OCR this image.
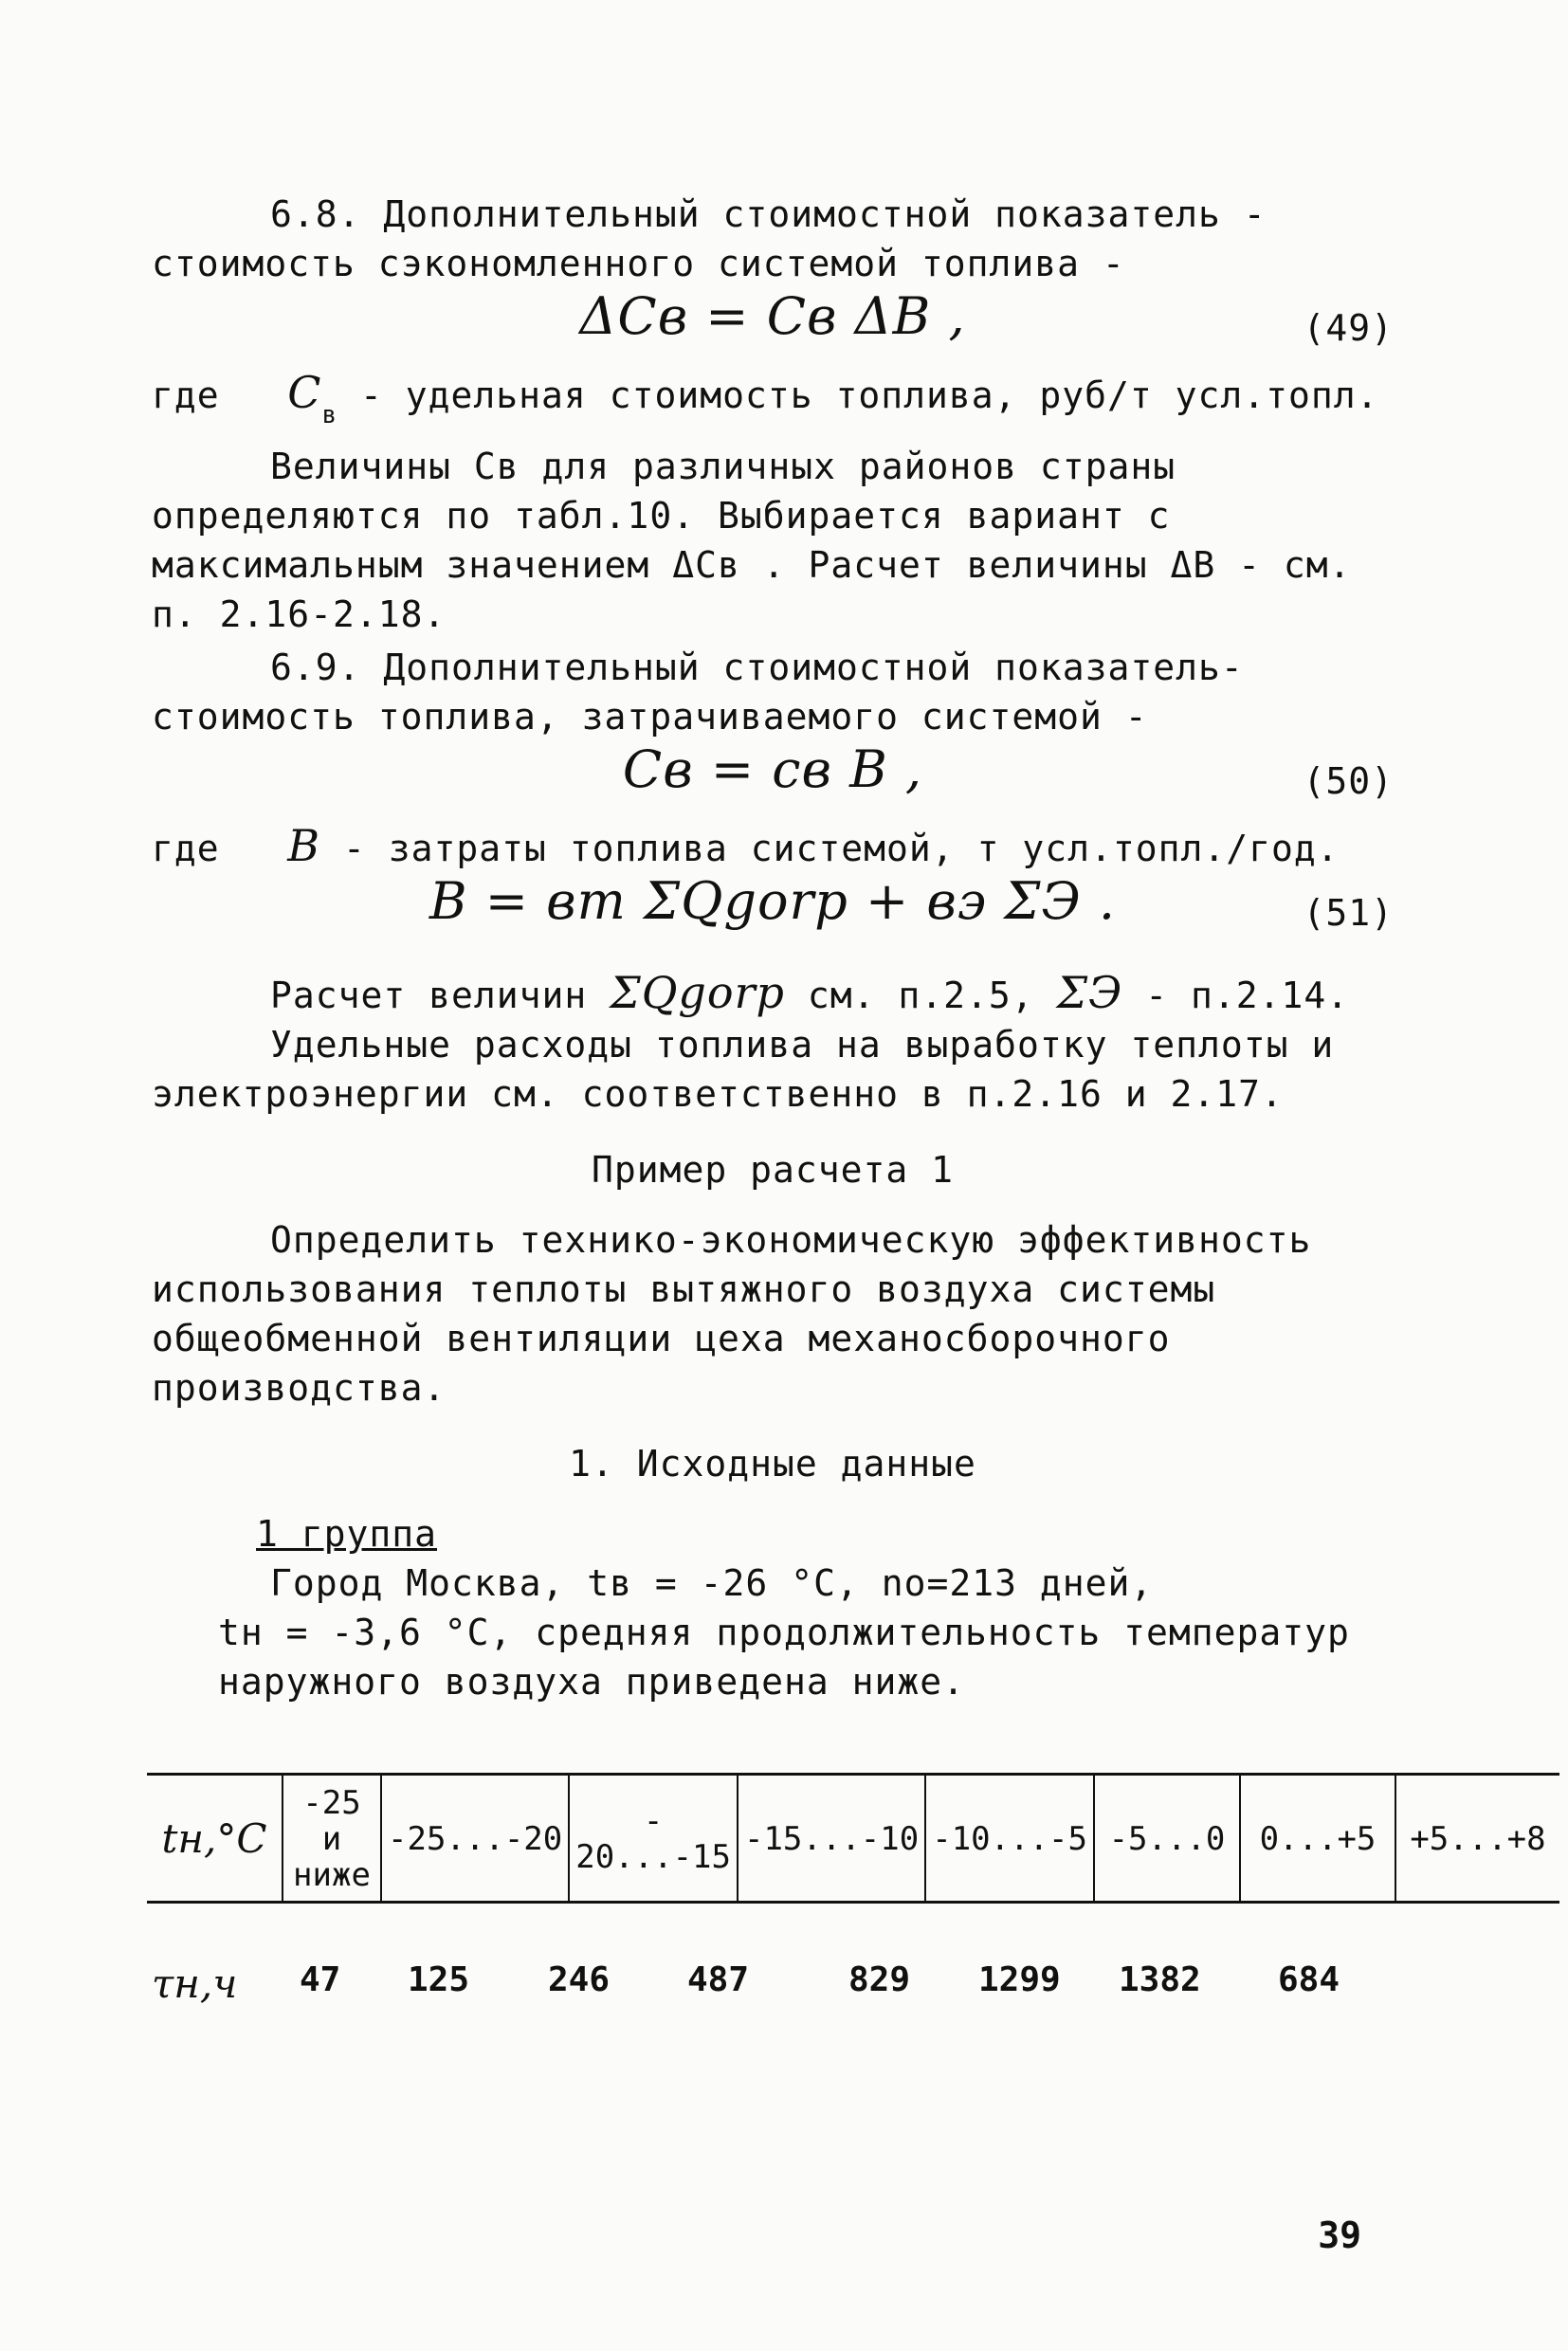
6.8. Дополнительный стоимостной показатель - стоимость сэкономленного системой топлива -

ΔCв = Cв ΔB ,	(49)

где $C_в$ - удельная стоимость топлива, руб/т усл.топл.

Величины Cв для различных районов страны определяются по табл.10. Выбирается вариант с максимальным значением ΔCв . Расчет величины ΔB - см. п. 2.16-2.18.

6.9. Дополнительный стоимостной показатель-стоимость топлива, затрачиваемого системой -

Cв = cв B ,	(50)

где B - затраты топлива системой, т усл.топл./год.

B = вт ΣQgorp + вэ ΣЭ .	(51)

Расчет величин ΣQgorp см. п.2.5, ΣЭ - п.2.14.

Удельные расходы топлива на выработку теплоты и электроэнергии см. соответственно в п.2.16 и 2.17.

Пример расчета 1

Определить технико-экономическую эффективность использования теплоты вытяжного воздуха системы общеобменной вентиляции цеха механосборочного производства.

1. Исходные данные

1 группа

Город Москва, tв = -26 °C, nо=213 дней,

tн = -3,6 °C, средняя продолжительность температур наружного воздуха приведена ниже.

tн,°C	-25 и ниже	-25...-20	- 20...-15	-15...-10	-10...-5	-5...0	0...+5	+5...+8
τн,ч 47 125 246 487	829 1299 1382 684
39
